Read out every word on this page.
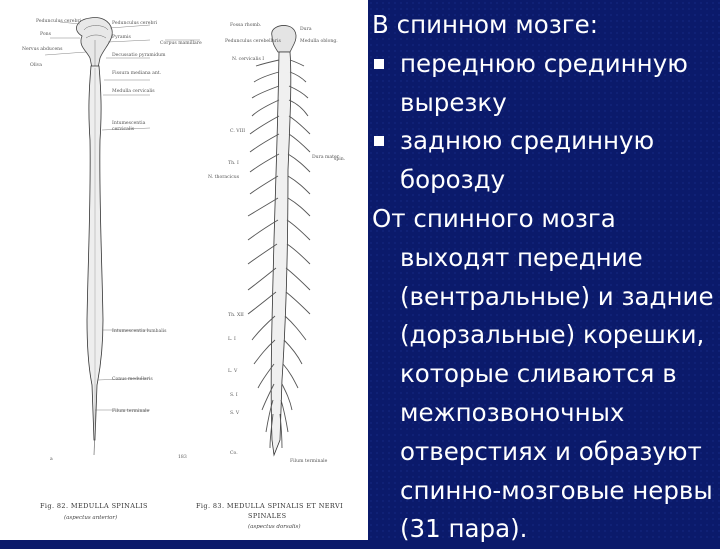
Pedunculus cerebri
Pons
Nervus abducens
Oliva
Pedunculus cerebri
Pyramis
Decussatio pyramidum
Fissura mediana ant.
Medulla cervicalis
Intumescentia
cervicalis
Intumescentia lumbalis
Conus medullaris
Filum terminale
Corpus mamillare
183
a
Fossa rhomb.
Pedunculus cerebellaris
N. cervicalis I
Dura
Medulla oblong.
C. VIII
Th. I
N. thoracicus
Dura mater
spin.
Th. XII
L. I
L. V
S. I
S. V
Co.
Filum terminale
Fig. 82. MEDULLA SPINALIS
(aspectus anterior)
Fig. 83. MEDULLA SPINALIS ET NERVI
SPINALES
(aspectus dorsalis)
В спинном мозге:
переднюю срединную
вырезку
заднюю срединную
борозду
От спинного мозга
выходят передние
(вентральные) и задние
(дорзальные) корешки,
которые сливаются в
межпозвоночных
отверстиях и образуют
спинно-мозговые нервы
(31 пара).
